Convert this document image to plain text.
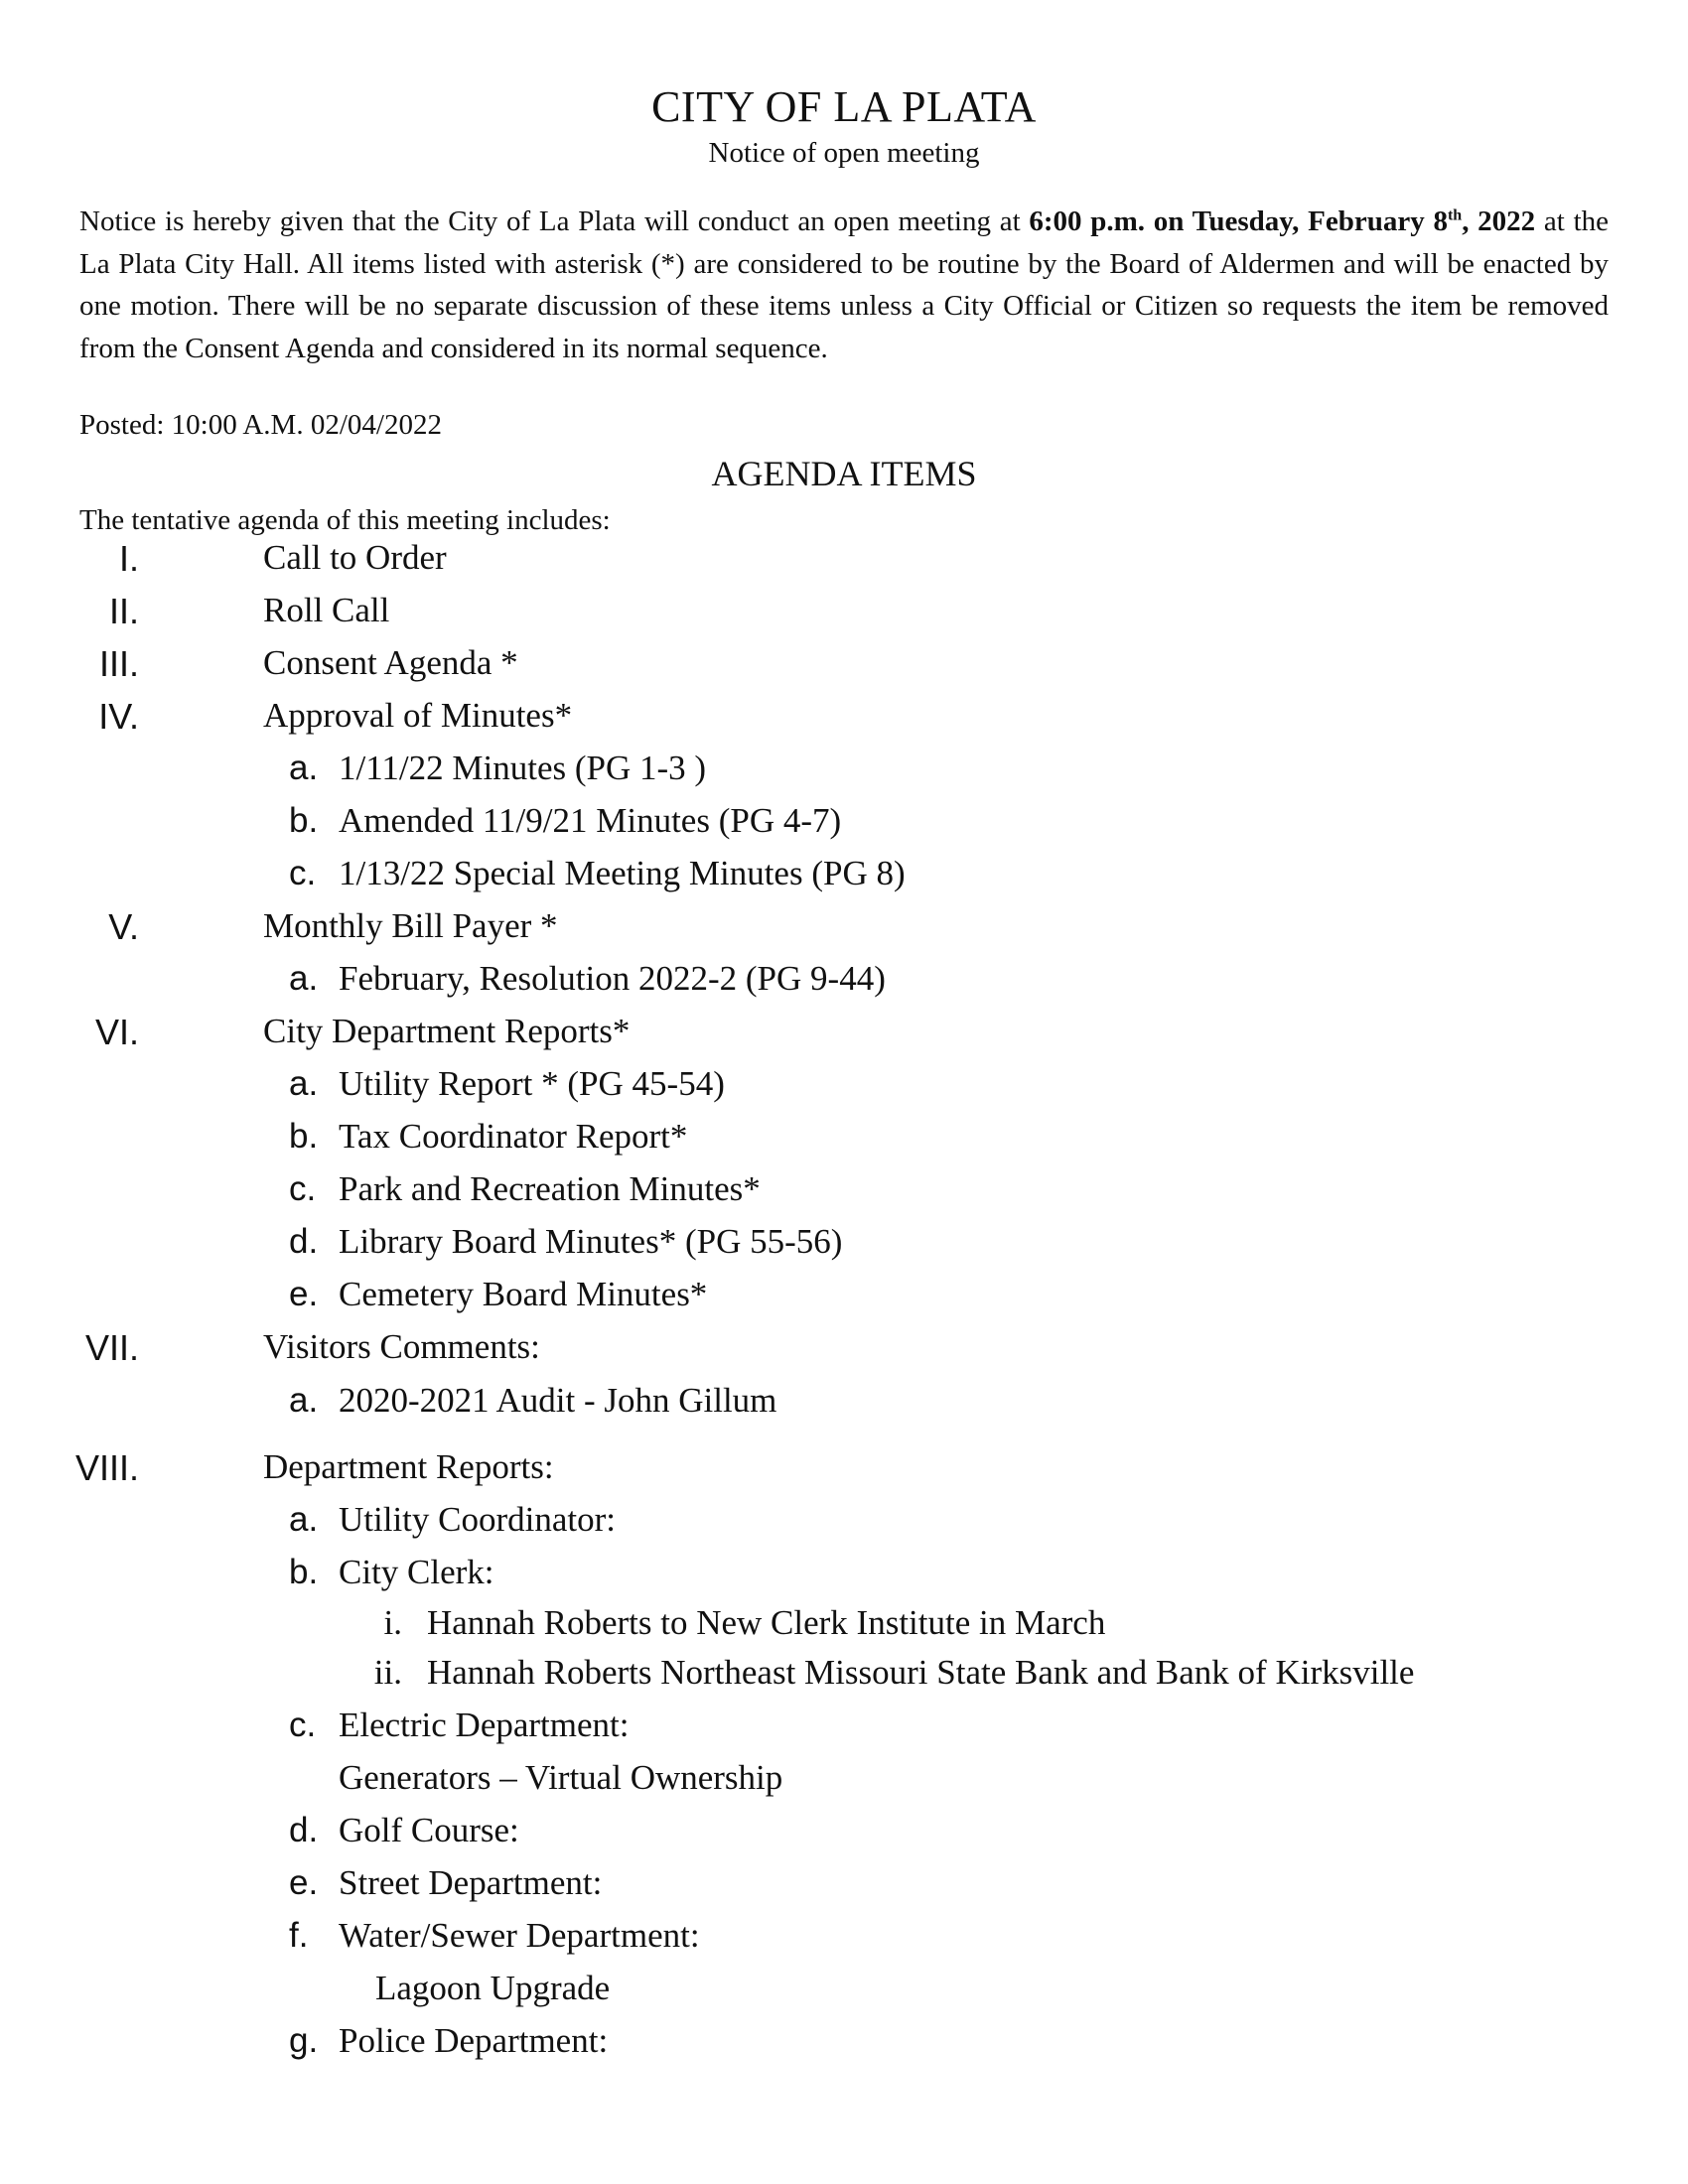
CITY OF LA PLATA
Notice of open meeting
Notice is hereby given that the City of La Plata will conduct an open meeting at 6:00 p.m. on Tuesday, February 8th, 2022 at the La Plata City Hall. All items listed with asterisk (*) are considered to be routine by the Board of Aldermen and will be enacted by one motion. There will be no separate discussion of these items unless a City Official or Citizen so requests the item be removed from the Consent Agenda and considered in its normal sequence.
Posted: 10:00 A.M. 02/04/2022
AGENDA ITEMS
The tentative agenda of this meeting includes:
I.	Call to Order
II.	Roll Call
III.	Consent Agenda *
IV.	Approval of Minutes*
a. 1/11/22 Minutes (PG 1-3 )
b. Amended 11/9/21 Minutes (PG 4-7)
c. 1/13/22 Special Meeting Minutes (PG 8)
V.	Monthly Bill Payer *
a. February, Resolution 2022-2 (PG 9-44)
VI.	City Department Reports*
a. Utility Report * (PG 45-54)
b. Tax Coordinator Report*
c. Park and Recreation Minutes*
d. Library Board Minutes* (PG 55-56)
e. Cemetery Board Minutes*
VII.	Visitors Comments:
a. 2020-2021 Audit - John Gillum
VIII.	Department Reports:
a. Utility Coordinator:
b. City Clerk:
i. Hannah Roberts to New Clerk Institute in March
ii. Hannah Roberts Northeast Missouri State Bank and Bank of Kirksville
c. Electric Department:
Generators – Virtual Ownership
d. Golf Course:
e. Street Department:
f. Water/Sewer Department:
Lagoon Upgrade
g. Police Department:
